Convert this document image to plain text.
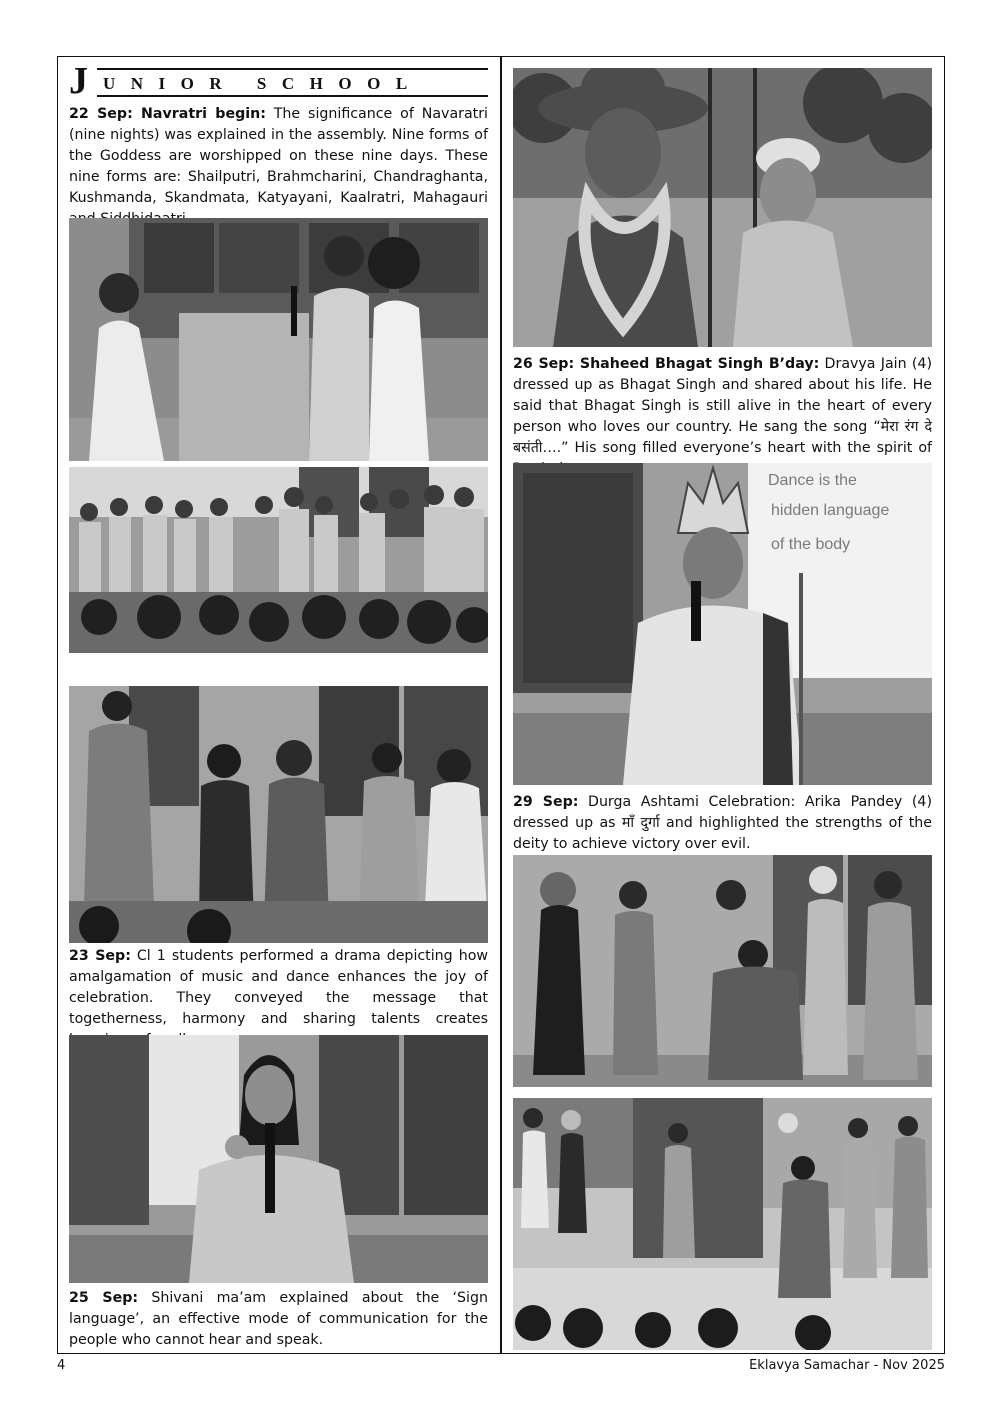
J UNIOR SCHOOL

22 Sep: Navratri begin: The significance of Navaratri (nine nights) was explained in the assembly. Nine forms of the Goddess are worshipped on these nine days. These nine forms are: Shailputri, Brahmcharini, Chandraghanta, Kushmanda, Skandmata, Katyayani, Kaalratri, Mahagauri

23 Sep: Cl 1 students performed a drama depicting how amalgamation of music and dance enhances the joy of celebration. They conveyed the message that togetherness, harmony and sharing talents creates

25 Sep: Shivani ma’am explained about the ‘Sign language’, an effective mode of communication for the people who cannot hear and speak.

26 Sep: Shaheed Bhagat Singh B’day: Dravya Jain (4) dressed up as Bhagat Singh and shared about his life. He said that Bhagat Singh is still alive in the heart of every person who loves our country. He sang the song “मेरा रंग दे बसंती….” His song filled everyone’s heart with the spirit of

Dance is the
hidden language
of the body

29 Sep: Durga Ashtami Celebration: Arika Pandey (4) dressed up as माँ दुर्गा and highlighted the strengths of the deity to achieve victory over evil.

4	Eklavya Samachar - Nov 2025
